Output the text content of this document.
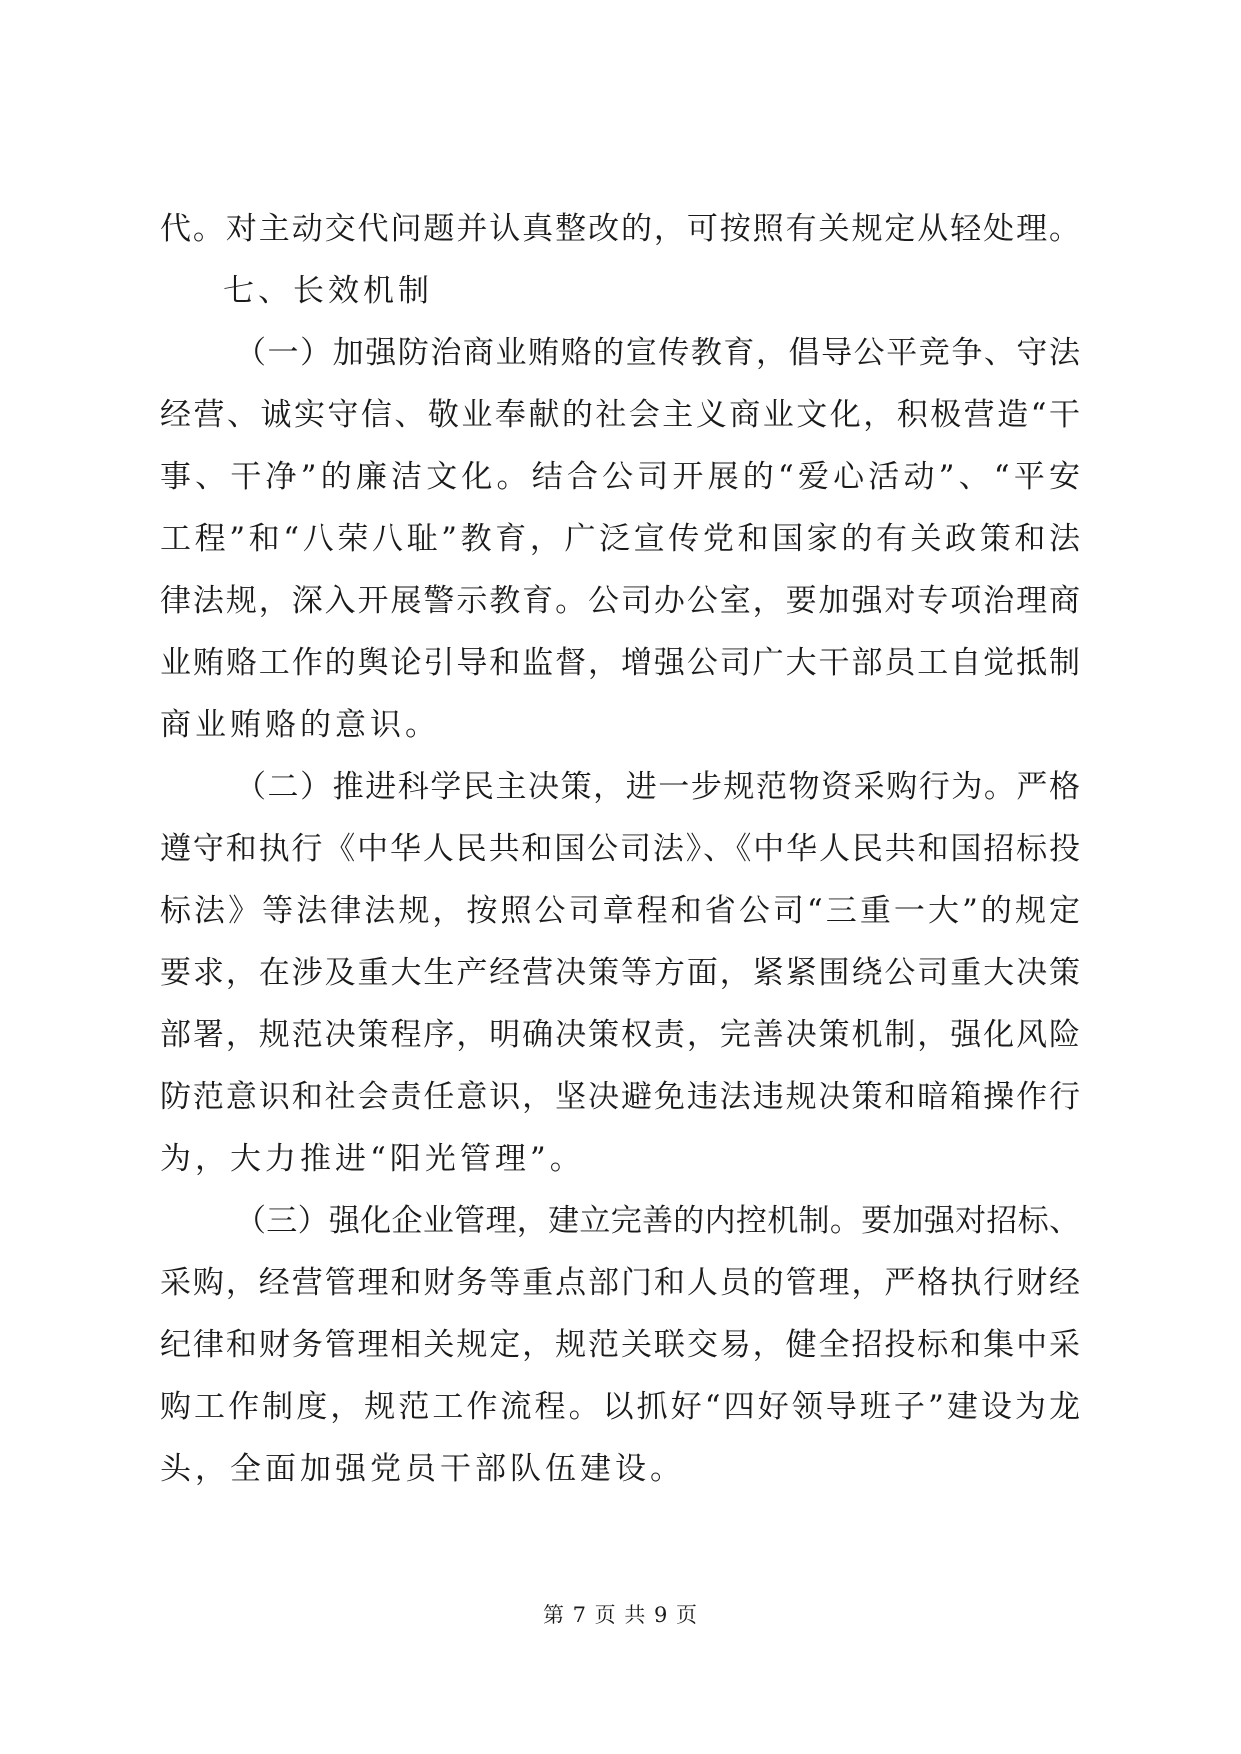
代。对主动交代问题并认真整改的，可按照有关规定从轻处理。
七、长效机制
（一）加强防治商业贿赂的宣传教育，倡导公平竞争、守法
经营、诚实守信、敬业奉献的社会主义商业文化，积极营造“干
事、干净”的廉洁文化。结合公司开展的“爱心活动”、“平安
工程”和“八荣八耻”教育，广泛宣传党和国家的有关政策和法
律法规，深入开展警示教育。公司办公室，要加强对专项治理商
业贿赂工作的舆论引导和监督，增强公司广大干部员工自觉抵制
商业贿赂的意识。
（二）推进科学民主决策，进一步规范物资采购行为。严格
遵守和执行《中华人民共和国公司法》、《中华人民共和国招标投
标法》等法律法规，按照公司章程和省公司“三重一大”的规定
要求，在涉及重大生产经营决策等方面，紧紧围绕公司重大决策
部署，规范决策程序，明确决策权责，完善决策机制，强化风险
防范意识和社会责任意识，坚决避免违法违规决策和暗箱操作行
为，大力推进“阳光管理”。
（三）强化企业管理，建立完善的内控机制。要加强对招标、
采购，经营管理和财务等重点部门和人员的管理，严格执行财经
纪律和财务管理相关规定，规范关联交易，健全招投标和集中采
购工作制度，规范工作流程。以抓好“四好领导班子”建设为龙
头，全面加强党员干部队伍建设。
第 7 页 共 9 页
